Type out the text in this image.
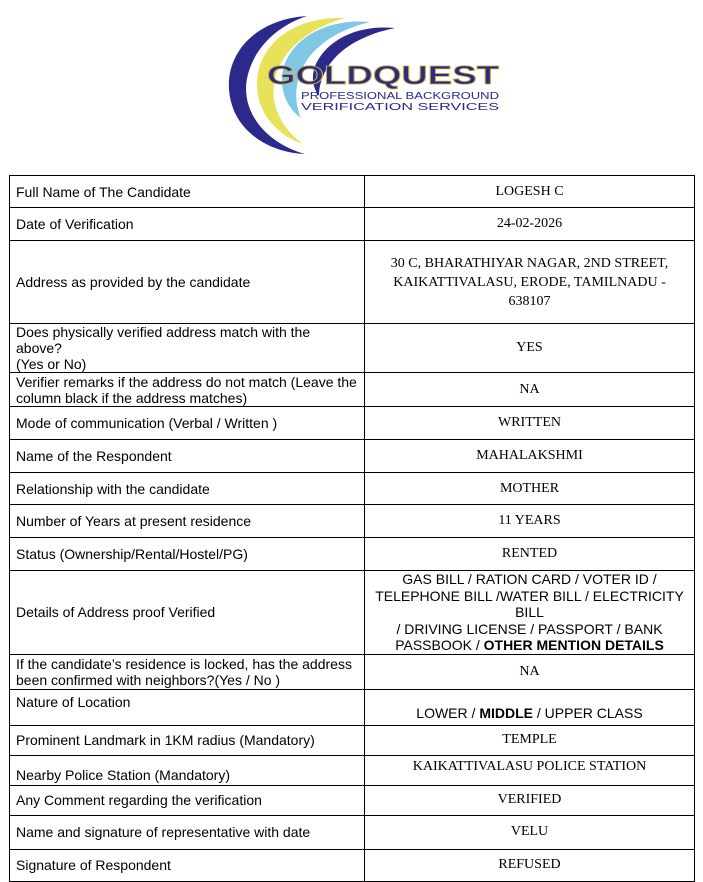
GOLDQUEST
PROFESSIONAL BACKGROUND
VERIFICATION SERVICES
Full Name of The Candidate	LOGESH C
Date of Verification	24-02-2026
Address as provided by the candidate	30 C, BHARATHIYAR NAGAR, 2ND STREET,
KAIKATTIVALASU, ERODE, TAMILNADU - 638107
Does physically verified address match with the above?
(Yes or No)	YES
Verifier remarks if the address do not match (Leave the
column black if the address matches)	NA
Mode of communication (Verbal / Written )	WRITTEN
Name of the Respondent	MAHALAKSHMI
Relationship with the candidate	MOTHER
Number of Years at present residence	11 YEARS
Status (Ownership/Rental/Hostel/PG)	RENTED
Details of Address proof Verified	GAS BILL / RATION CARD / VOTER ID /
TELEPHONE BILL /WATER BILL / ELECTRICITY BILL
/ DRIVING LICENSE / PASSPORT / BANK
PASSBOOK / OTHER MENTION DETAILS
If the candidate’s residence is locked, has the address
been confirmed with neighbors?(Yes / No )	NA
Nature of Location	LOWER / MIDDLE / UPPER CLASS
Prominent Landmark in 1KM radius (Mandatory)	TEMPLE
Nearby Police Station (Mandatory)	KAIKATTIVALASU POLICE STATION
Any Comment regarding the verification	VERIFIED
Name and signature of representative with date	VELU
Signature of Respondent	REFUSED
